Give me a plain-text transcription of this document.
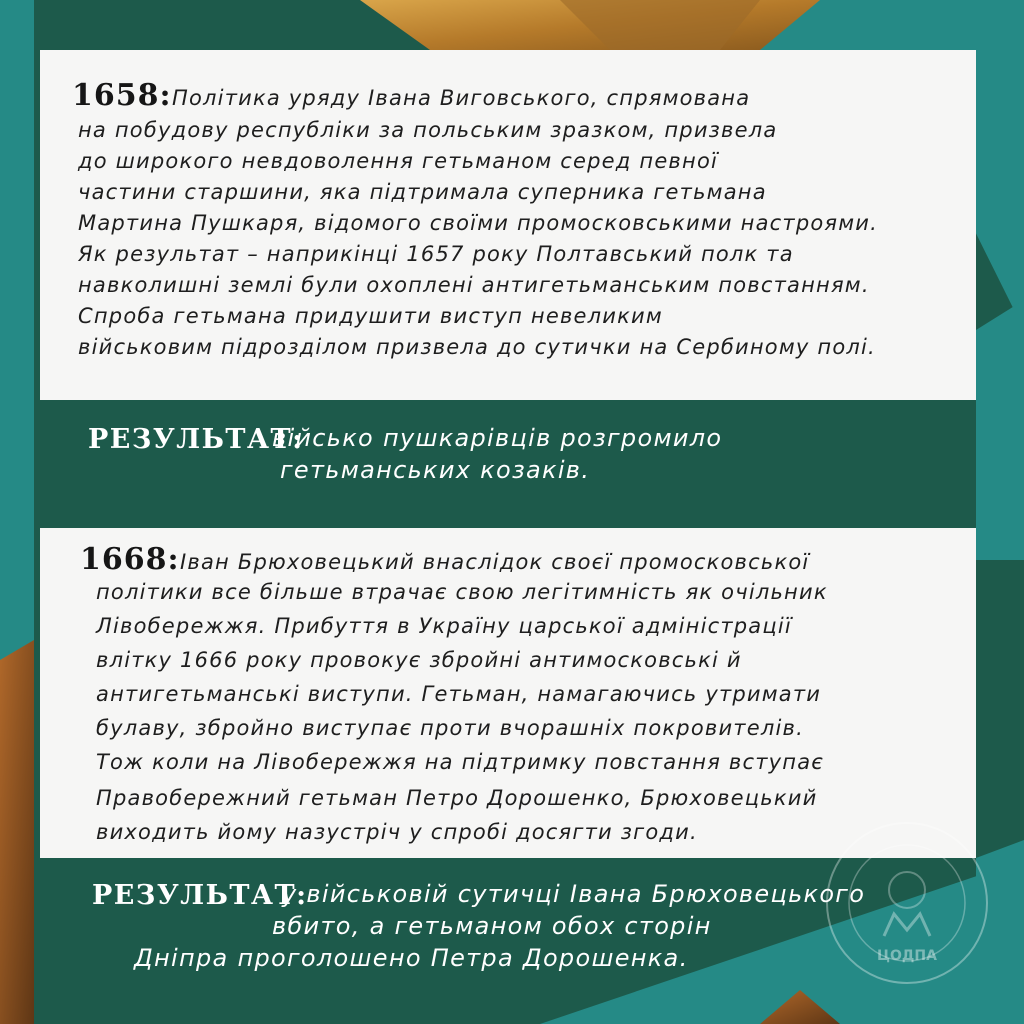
1658: Політика уряду Івана Виговського, спрямована
на побудову республіки за польським зразком, призвела
до широкого невдоволення гетьманом серед певної
частини старшини, яка підтримала суперника гетьмана
Мартина Пушкаря, відомого своїми промосковськими настроями.
Як результат – наприкінці 1657 року Полтавський полк та
навколишні землі були охоплені антигетьманським повстанням.
Спроба гетьмана придушити виступ невеликим
військовим підрозділом призвела до сутички на Сербиному полі.
РЕЗУЛЬТАТ:
військо пушкарівців розгромило
гетьманських козаків.
1668: Іван Брюховецький внаслідок своєї промосковської
політики все більше втрачає свою легітимність як очільник
Лівобережжя. Прибуття в Україну царської адміністрації
влітку 1666 року провокує збройні антимосковські й
антигетьманські виступи. Гетьман, намагаючись утримати
булаву, збройно виступає проти вчорашніх покровителів.
Тож коли на Лівобережжя на підтримку повстання вступає
Правобережний гетьман Петро Дорошенко, Брюховецький
виходить йому назустріч у спробі досягти згоди.
РЕЗУЛЬТАТ:
у військовій сутичці Івана Брюховецького
вбито, а гетьманом обох сторін
Дніпра проголошено Петра Дорошенка.	ЦОДПА
